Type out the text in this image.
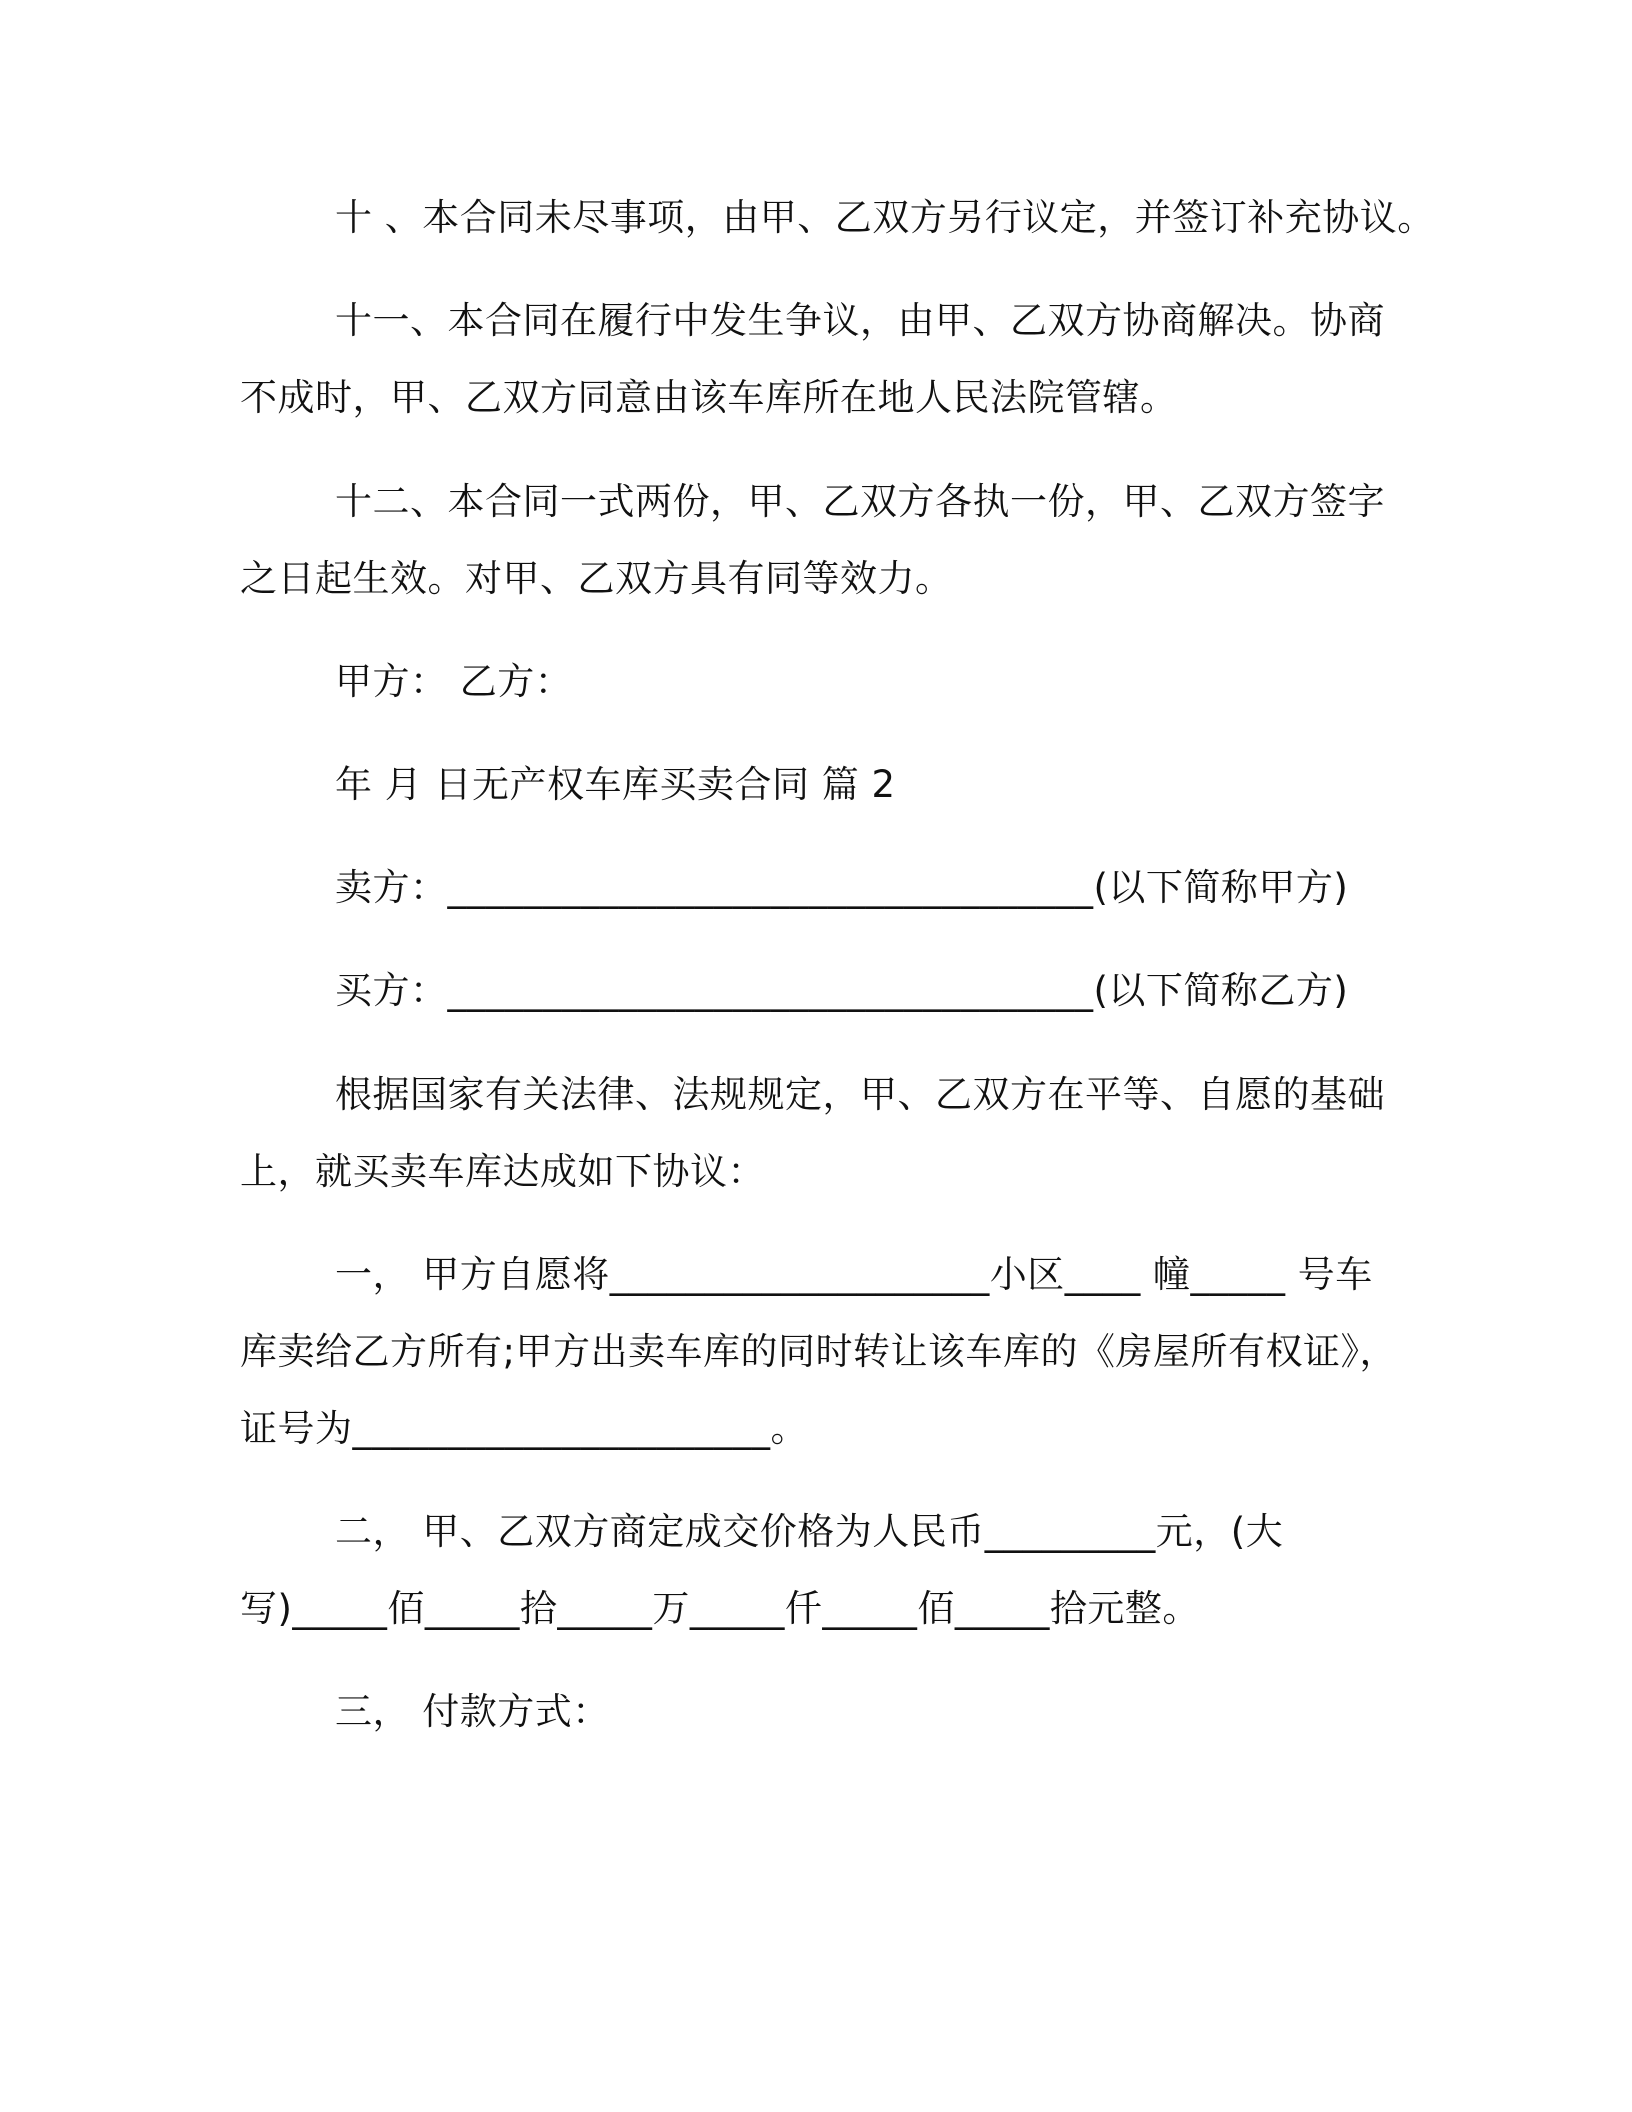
十 、本合同未尽事项，由甲、乙双方另行议定，并签订补充协议。
十一、本合同在履行中发生争议，由甲、乙双方协商解决。协商
不成时，甲、乙双方同意由该车库所在地人民法院管辖。
十二、本合同一式两份，甲、乙双方各执一份，甲、乙双方签字
之日起生效。对甲、乙双方具有同等效力。
甲方： 乙方：
年 月 日无产权车库买卖合同 篇 2
卖方：__________________________________(以下简称甲方)
买方：__________________________________(以下简称乙方)
根据国家有关法律、法规规定，甲、乙双方在平等、自愿的基础
上，就买卖车库达成如下协议：
一， 甲方自愿将____________________小区____ 幢_____ 号车
库卖给乙方所有;甲方出卖车库的同时转让该车库的《房屋所有权证》，
证号为______________________。
二， 甲、乙双方商定成交价格为人民币_________元，(大
写)_____佰_____拾_____万_____仟_____佰_____拾元整。
三， 付款方式：
